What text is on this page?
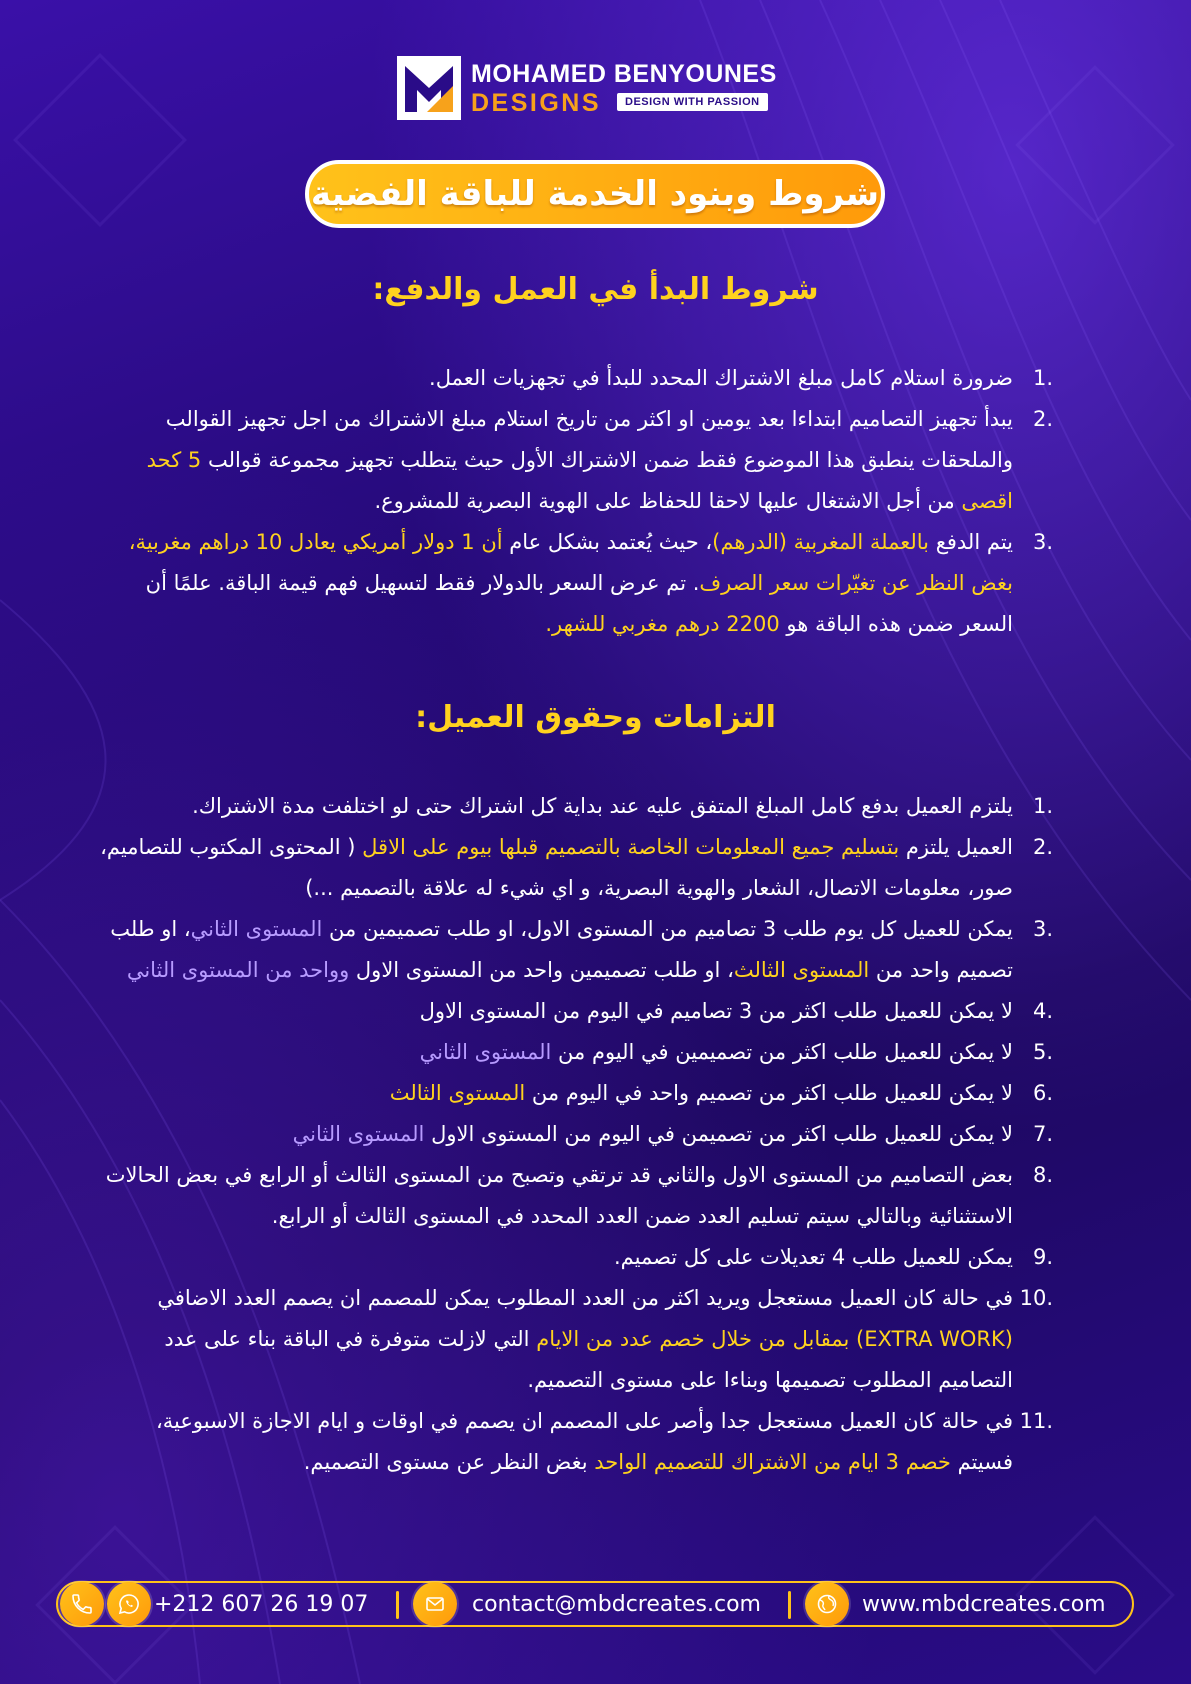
MOHAMED BENYOUNES
DESIGNS	DESIGN WITH PASSION
شروط وبنود الخدمة للباقة الفضية
شروط البدأ في العمل والدفع:
1.
ضرورة استلام كامل مبلغ الاشتراك المحدد للبدأ في تجهزيات العمل.
2.
يبدأ تجهيز التصاميم ابتداءا بعد يومين او اكثر من تاريخ استلام مبلغ الاشتراك من اجل تجهيز القوالب والملحقات ينطبق هذا الموضوع فقط ضمن الاشتراك الأول حيث يتطلب تجهيز مجموعة قوالب 5 كحد اقصى من أجل الاشتغال عليها لاحقا للحفاظ على الهوية البصرية للمشروع.
3.
يتم الدفع بالعملة المغربية (الدرهم)، حيث يُعتمد بشكل عام أن 1 دولار أمريكي يعادل 10 دراهم مغربية، بغض النظر عن تغيّرات سعر الصرف. تم عرض السعر بالدولار فقط لتسهيل فهم قيمة الباقة. علمًا أن السعر ضمن هذه الباقة هو 2200 درهم مغربي للشهر.
التزامات وحقوق العميل:
1.
يلتزم العميل بدفع كامل المبلغ المتفق عليه عند بداية كل اشتراك حتى لو اختلفت مدة الاشتراك.
2.
العميل يلتزم بتسليم جميع المعلومات الخاصة بالتصميم قبلها بيوم على الاقل ( المحتوى المكتوب للتصاميم، صور، معلومات الاتصال، الشعار والهوية البصرية، و اي شيء له علاقة بالتصميم ...)
3.
يمكن للعميل كل يوم طلب 3 تصاميم من المستوى الاول، او طلب تصميمين من المستوى الثاني، او طلب تصميم واحد من المستوى الثالث، او طلب تصميمين واحد من المستوى الاول وواحد من المستوى الثاني
4.
لا يمكن للعميل طلب اكثر من 3 تصاميم في اليوم من المستوى الاول
5.
لا يمكن للعميل طلب اكثر من تصميمين في اليوم من المستوى الثاني
6.
لا يمكن للعميل طلب اكثر من تصميم واحد في اليوم من المستوى الثالث
7.
لا يمكن للعميل طلب اكثر من تصميمن في اليوم من المستوى الاول المستوى الثاني
8.
بعض التصاميم من المستوى الاول والثاني قد ترتقي وتصبح من المستوى الثالث أو الرابع في بعض الحالات الاستثنائية وبالتالي سيتم تسليم العدد ضمن العدد المحدد في المستوى الثالث أو الرابع.
9.
يمكن للعميل طلب 4 تعديلات على كل تصميم.
10.
في حالة كان العميل مستعجل ويريد اكثر من العدد المطلوب يمكن للمصمم ان يصمم العدد الاضافي (EXTRA WORK) بمقابل من خلال خصم عدد من الايام التي لازلت متوفرة في الباقة بناء على عدد التصاميم المطلوب تصميمها وبناءا على مستوى التصميم.
11.
في حالة كان العميل مستعجل جدا وأصر على المصمم ان يصمم في اوقات و ايام الاجازة الاسبوعية، فسيتم خصم 3 ايام من الاشتراك للتصميم الواحد بغض النظر عن مستوى التصميم.
+212 607 26 19 07	contact@mbdcreates.com	www.mbdcreates.com
